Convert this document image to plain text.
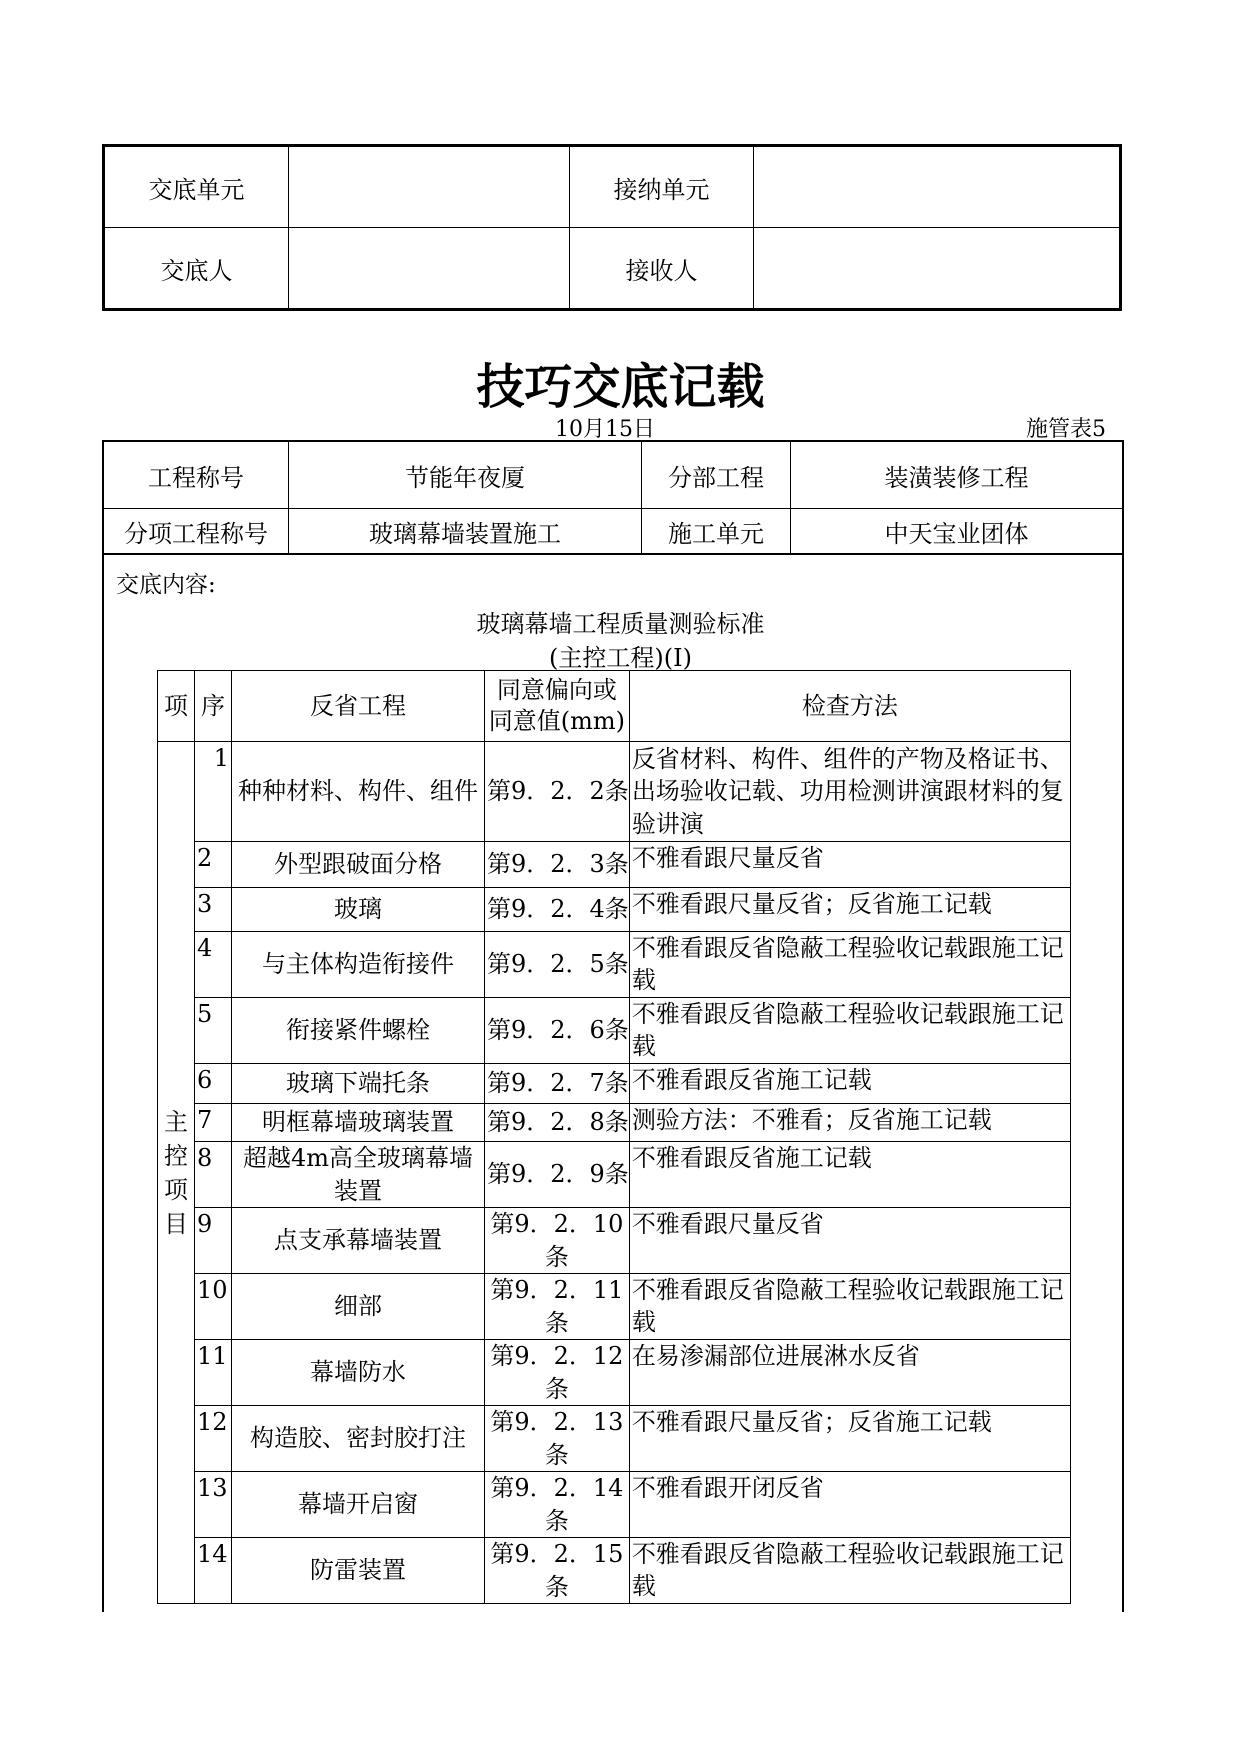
交底单元		接纳单元	
交底人		接收人	
技巧交底记载
10月15日	施管表5
工程称号	节能年夜厦	分部工程	装潢装修工程
分项工程称号	玻璃幕墙装置施工	施工单元	中天宝业团体
交底内容:
玻璃幕墙工程质量测验标准
(主控工程)(Ⅰ)
项	序	反省工程	同意偏向或同意值(mm)	检查方法
主控项目	1	种种材料、构件、组件	第9．2．2条	反省材料、构件、组件的产物及格证书、出场验收记载、功用检测讲演跟材料的复验讲演
	2	外型跟破面分格	第9．2．3条	不雅看跟尺量反省
	3	玻璃	第9．2．4条	不雅看跟尺量反省；反省施工记载
	4	与主体构造衔接件	第9．2．5条	不雅看跟反省隐蔽工程验收记载跟施工记载
	5	衔接紧件螺栓	第9．2．6条	不雅看跟反省隐蔽工程验收记载跟施工记载
	6	玻璃下端托条	第9．2．7条	不雅看跟反省施工记载
	7	明框幕墙玻璃装置	第9．2．8条	测验方法：不雅看；反省施工记载
	8	超越4m高全玻璃幕墙装置	第9．2．9条	不雅看跟反省施工记载
	9	点支承幕墙装置	第9．2．10条	不雅看跟尺量反省
	10	细部	第9．2．11条	不雅看跟反省隐蔽工程验收记载跟施工记载
	11	幕墙防水	第9．2．12条	在易渗漏部位进展淋水反省
	12	构造胶、密封胶打注	第9．2．13条	不雅看跟尺量反省；反省施工记载
	13	幕墙开启窗	第9．2．14条	不雅看跟开闭反省
	14	防雷装置	第9．2．15条	不雅看跟反省隐蔽工程验收记载跟施工记载
